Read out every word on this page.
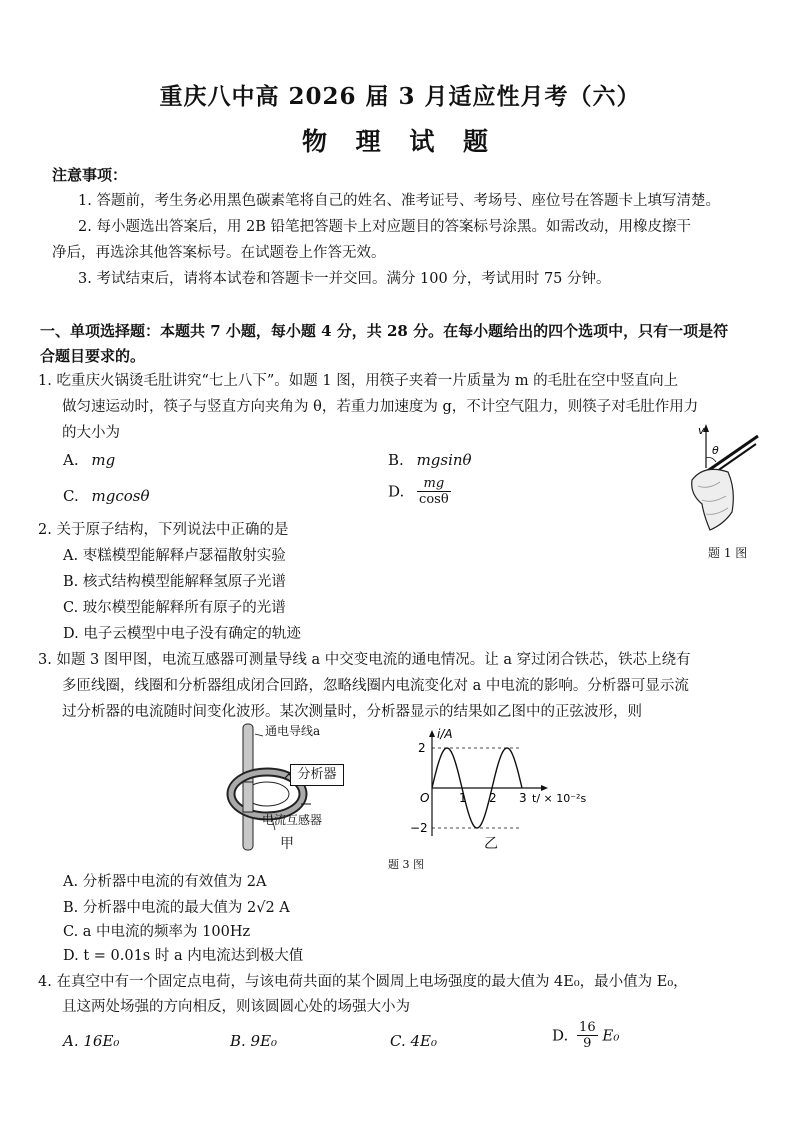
重庆八中高 2026 届 3 月适应性月考（六）
物 理 试 题
注意事项：
1. 答题前，考生务必用黑色碳素笔将自己的姓名、准考证号、考场号、座位号在答题卡上填写清楚。
2. 每小题选出答案后，用 2B 铅笔把答题卡上对应题目的答案标号涂黑。如需改动，用橡皮擦干
净后，再选涂其他答案标号。在试题卷上作答无效。
3. 考试结束后，请将本试卷和答题卡一并交回。满分 100 分，考试用时 75 分钟。
一、单项选择题：本题共 7 小题，每小题 4 分，共 28 分。在每小题给出的四个选项中，只有一项是符
合题目要求的。
1. 吃重庆火锅烫毛肚讲究“七上八下”。如题 1 图，用筷子夹着一片质量为 m 的毛肚在空中竖直向上
做匀速运动时，筷子与竖直方向夹角为 θ，若重力加速度为 g，不计空气阻力，则筷子对毛肚作用力
的大小为
A. mg	B. mgsinθ
C. mgcosθ	D. $\frac{mg}{\cos\theta}$
v
θ
题 1 图
2. 关于原子结构，下列说法中正确的是
A. 枣糕模型能解释卢瑟福散射实验
B. 核式结构模型能解释氢原子光谱
C. 玻尔模型能解释所有原子的光谱
D. 电子云模型中电子没有确定的轨迹
3. 如题 3 图甲图，电流互感器可测量导线 a 中交变电流的通电情况。让 a 穿过闭合铁芯，铁芯上绕有
多匝线圈，线圈和分析器组成闭合回路，忽略线圈内电流变化对 a 中电流的影响。分析器可显示流
过分析器的电流随时间变化波形。某次测量时，分析器显示的结果如乙图中的正弦波形，则
分析器
通电导线a
电流互感器
甲
1 2 3
2
−2
O
i/A
t/ × 10⁻²s
乙
题 3 图
A. 分析器中电流的有效值为 2A
B. 分析器中电流的最大值为 2√2 A
C. a 中电流的频率为 100Hz
D. t = 0.01s 时 a 内电流达到极大值
4. 在真空中有一个固定点电荷，与该电荷共面的某个圆周上电场强度的最大值为 4E₀，最小值为 E₀，
且这两处场强的方向相反，则该圆圆心处的场强大小为
A. 16E₀	B. 9E₀	C. 4E₀	D. $\frac{16}{9} E_0$
